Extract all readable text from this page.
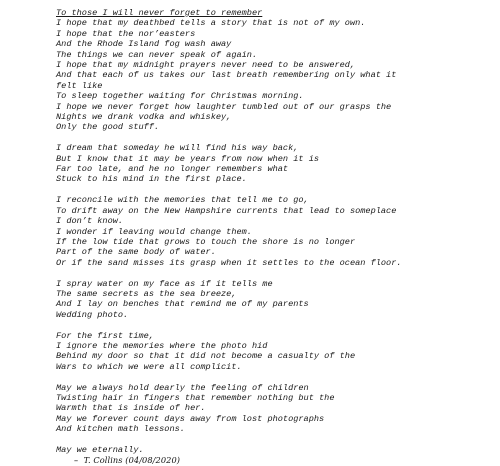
To those I will never forget to remember
I hope that my deathbed tells a story that is not of my own.
I hope that the nor’easters
And the Rhode Island fog wash away
The things we can never speak of again.
I hope that my midnight prayers never need to be answered,
And that each of us takes our last breath remembering only what it
felt like
To sleep together waiting for Christmas morning.
I hope we never forget how laughter tumbled out of our grasps the
Nights we drank vodka and whiskey,
Only the good stuff.
I dream that someday he will find his way back,
But I know that it may be years from now when it is
Far too late, and he no longer remembers what
Stuck to his mind in the first place.
I reconcile with the memories that tell me to go,
To drift away on the New Hampshire currents that lead to someplace
I don’t know.
I wonder if leaving would change them.
If the low tide that grows to touch the shore is no longer
Part of the same body of water.
Or if the sand misses its grasp when it settles to the ocean floor.
I spray water on my face as if it tells me
The same secrets as the sea breeze,
And I lay on benches that remind me of my parents
Wedding photo.
For the first time,
I ignore the memories where the photo hid
Behind my door so that it did not become a casualty of the
Wars to which we were all complicit.
May we always hold dearly the feeling of children
Twisting hair in fingers that remember nothing but the
Warmth that is inside of her.
May we forever count days away from lost photographs
And kitchen math lessons.
May we eternally.
–  T. Collins (04/08/2020)
